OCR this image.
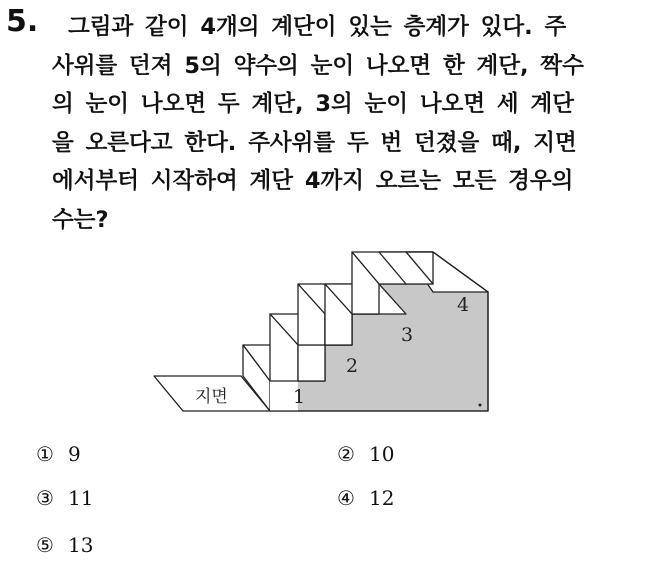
5.	그림과 같이 4개의 계단이 있는 층계가 있다. 주
사위를 던져 5의 약수의 눈이 나오면 한 계단, 짝수
의 눈이 나오면 두 계단, 3의 눈이 나오면 세 계단
을 오른다고 한다. 주사위를 두 번 던졌을 때, 지면
에서부터 시작하여 계단 4까지 오르는 모든 경우의
수는?
지면	1
2
3
4
① 9	② 10
③ 11	④ 12
⑤ 13
